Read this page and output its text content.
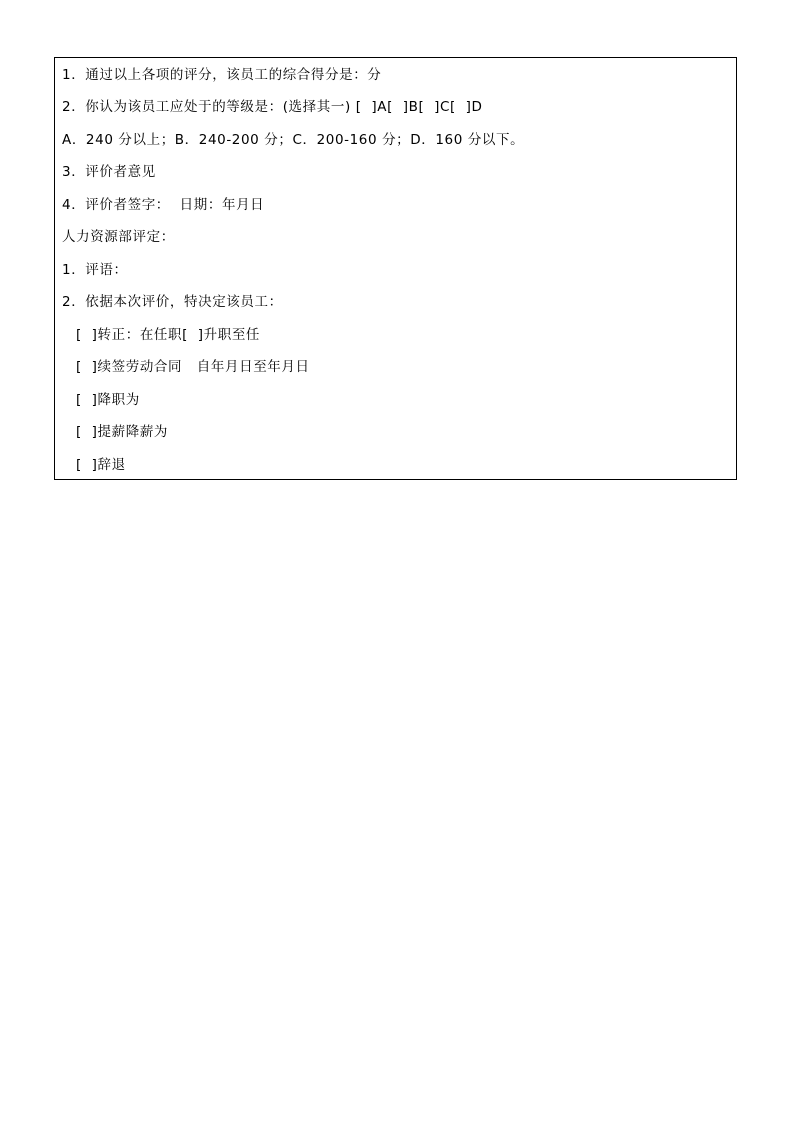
1．通过以上各项的评分，该员工的综合得分是：分
2．你认为该员工应处于的等级是：(选择其一) [  ]A[  ]B[  ]C[  ]D
A．240 分以上；B．240-200 分；C．200-160 分；D．160 分以下。
3．评价者意见
4．评价者签字：  日期：年月日
人力资源部评定：
1．评语：
2．依据本次评价，特决定该员工：
[  ]转正：在任职[  ]升职至任
[  ]续签劳动合同   自年月日至年月日
[  ]降职为
[  ]提薪降薪为
[  ]辞退
